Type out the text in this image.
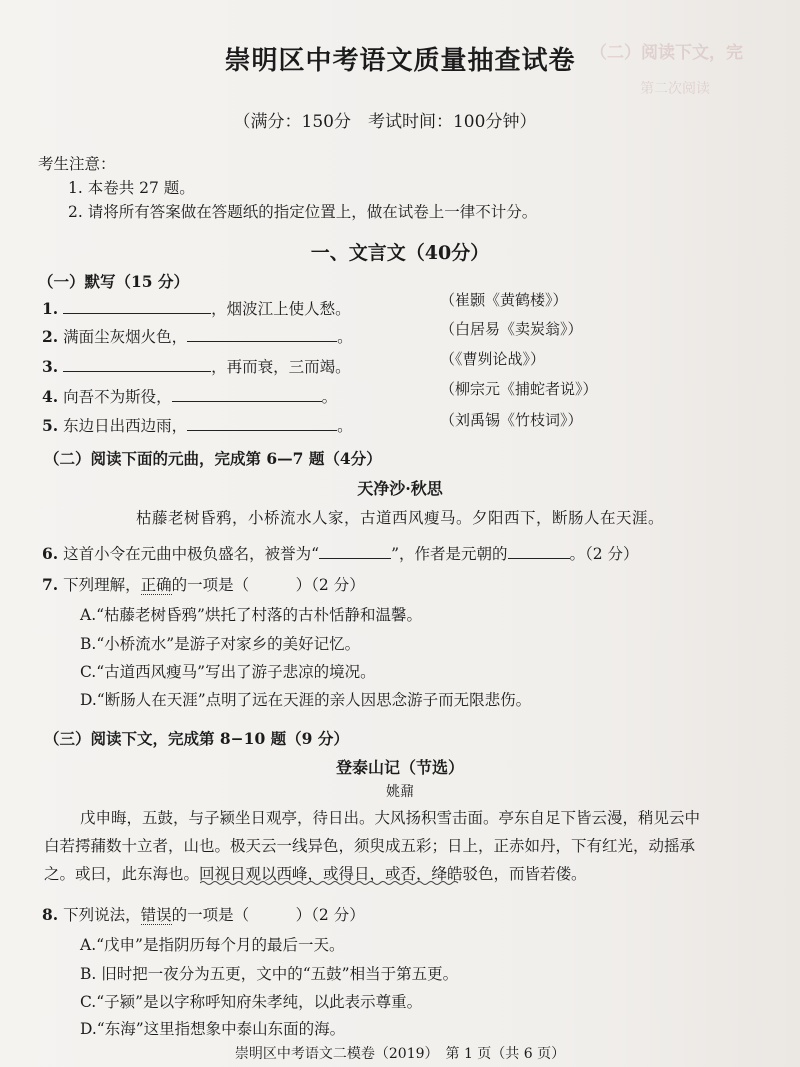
（二）阅读下文，完
第二次阅读
崇明区中考语文质量抽查试卷
（满分：150分　考试时间：100分钟）
考生注意：
1. 本卷共 27 题。
2. 请将所有答案做在答题纸的指定位置上，做在试卷上一律不计分。
一、文言文（40分）
（一）默写（15 分）
1.	，烟波江上使人愁。	（崔颢《黄鹤楼》）
2. 满面尘灰烟火色，	。	（白居易《卖炭翁》）
3.	，再而衰，三而竭。	（《曹刿论战》）
4. 向吾不为斯役，	。	（柳宗元《捕蛇者说》）
5. 东边日出西边雨，	。	（刘禹锡《竹枝词》）
（二）阅读下面的元曲，完成第 6—7 题（4分）
天净沙·秋思
枯藤老树昏鸦，小桥流水人家，古道西风瘦马。夕阳西下，断肠人在天涯。
6. 这首小令在元曲中极负盛名，被誉为“	”，作者是元朝的	。（2 分）
7. 下列理解，正确的一项是（　　　）（2 分）
A.“枯藤老树昏鸦”烘托了村落的古朴恬静和温馨。
B.“小桥流水”是游子对家乡的美好记忆。
C.“古道西风瘦马”写出了游子悲凉的境况。
D.“断肠人在天涯”点明了远在天涯的亲人因思念游子而无限悲伤。
（三）阅读下文，完成第 8−10 题（9 分）
登泰山记（节选）
姚鼐
戊申晦，五鼓，与子颍坐日观亭，待日出。大风扬积雪击面。亭东自足下皆云漫，稍见云中
白若摴蒱数十立者，山也。极天云一线异色，须臾成五彩；日上，正赤如丹，下有红光，动摇承
之。或曰，此东海也。回视日观以西峰，或得日，或否，绛皓驳色，而皆若偻。
8. 下列说法，错误的一项是（　　　）（2 分）
A.“戊申”是指阴历每个月的最后一天。
B. 旧时把一夜分为五更，文中的“五鼓”相当于第五更。
C.“子颍”是以字称呼知府朱孝纯，以此表示尊重。
D.“东海”这里指想象中泰山东面的海。
崇明区中考语文二模卷（2019）　第 1 页（共 6 页）
